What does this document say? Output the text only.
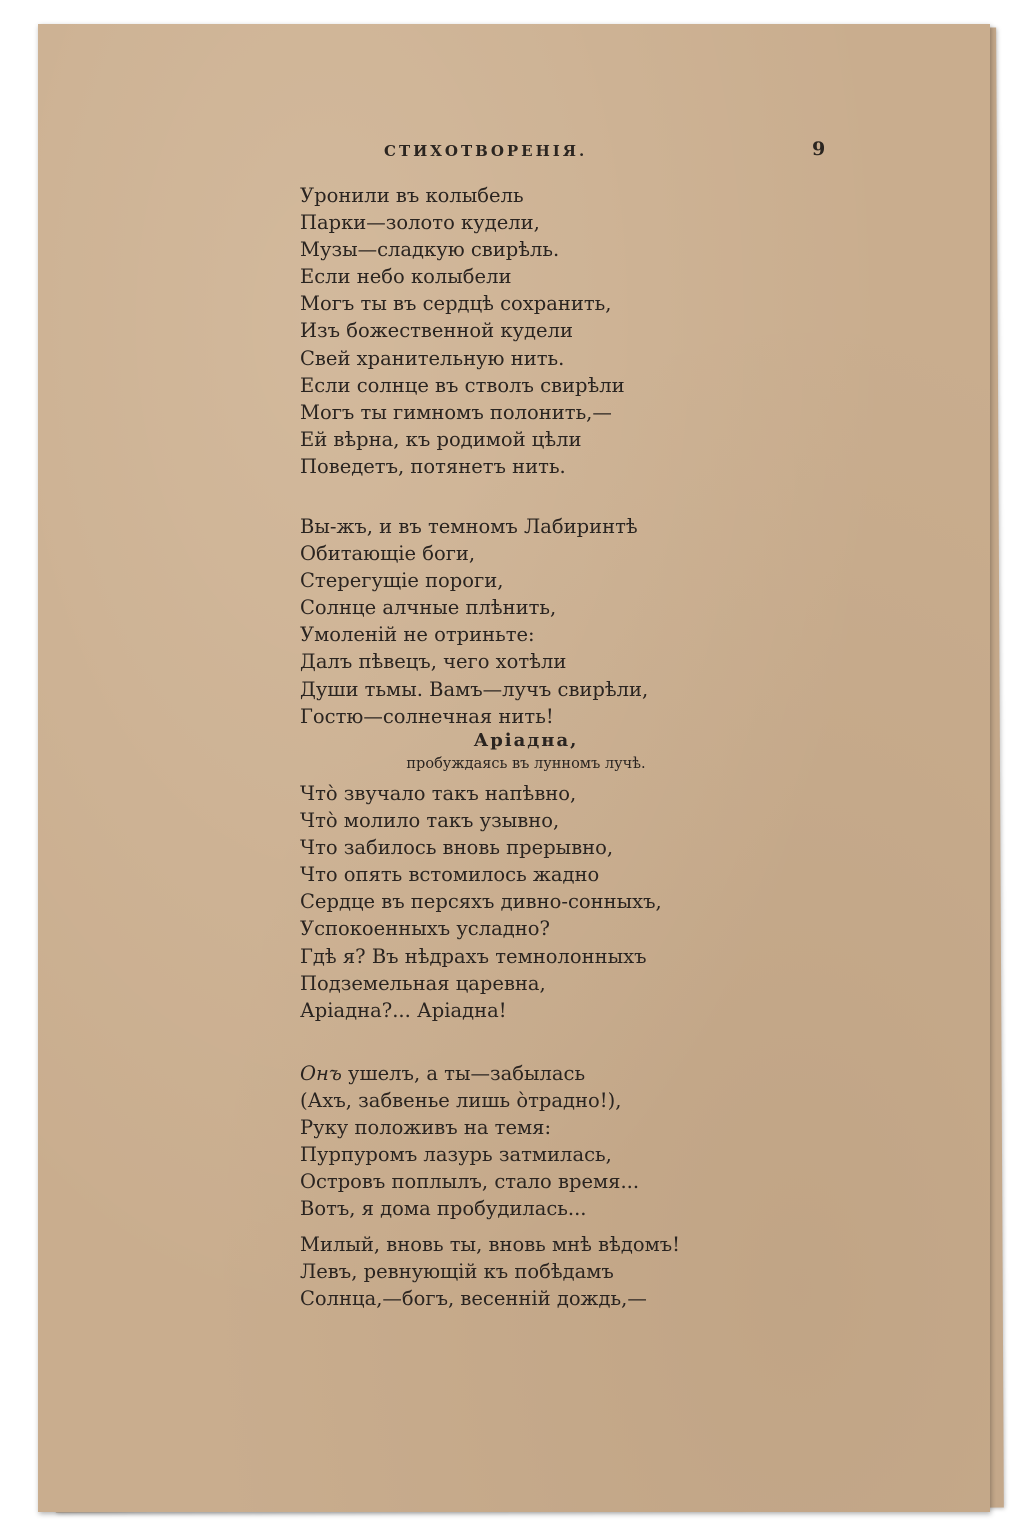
СТИХОТВОРЕНІЯ.	9
Уронили въ колыбель
Парки—золото кудели,
Музы—сладкую свирѣль.
Если небо колыбели
Могъ ты въ сердцѣ сохранить,
Изъ божественной кудели
Свей хранительную нить.
Если солнце въ стволъ свирѣли
Могъ ты гимномъ полонить,—
Ей вѣрна, къ родимой цѣли
Поведетъ, потянетъ нить.
Вы-жъ, и въ темномъ Лабиринтѣ
Обитающіе боги,
Стерегущіе пороги,
Солнце алчные плѣнить,
Умоленій не отриньте:
Далъ пѣвецъ, чего хотѣли
Души тьмы. Вамъ—лучъ свирѣли,
Гостю—солнечная нить!
Аріадна,
пробуждаясь въ лунномъ лучѣ.
Что̀ звучало такъ напѣвно,
Что̀ молило такъ узывно,
Что забилось вновь прерывно,
Что опять встомилось жадно
Сердце въ персяхъ дивно-сонныхъ,
Успокоенныхъ усладно?
Гдѣ я? Въ нѣдрахъ темнолонныхъ
Подземельная царевна,
Аріадна?... Аріадна!
Онъ ушелъ, а ты—забылась
(Ахъ, забвенье лишь о̀традно!),
Руку положивъ на темя:
Пурпуромъ лазурь затмилась,
Островъ поплылъ, стало время...
Вотъ, я дома пробудилась...
Милый, вновь ты, вновь мнѣ вѣдомъ!
Левъ, ревнующій къ побѣдамъ
Солнца,—богъ, весенній дождь,—
